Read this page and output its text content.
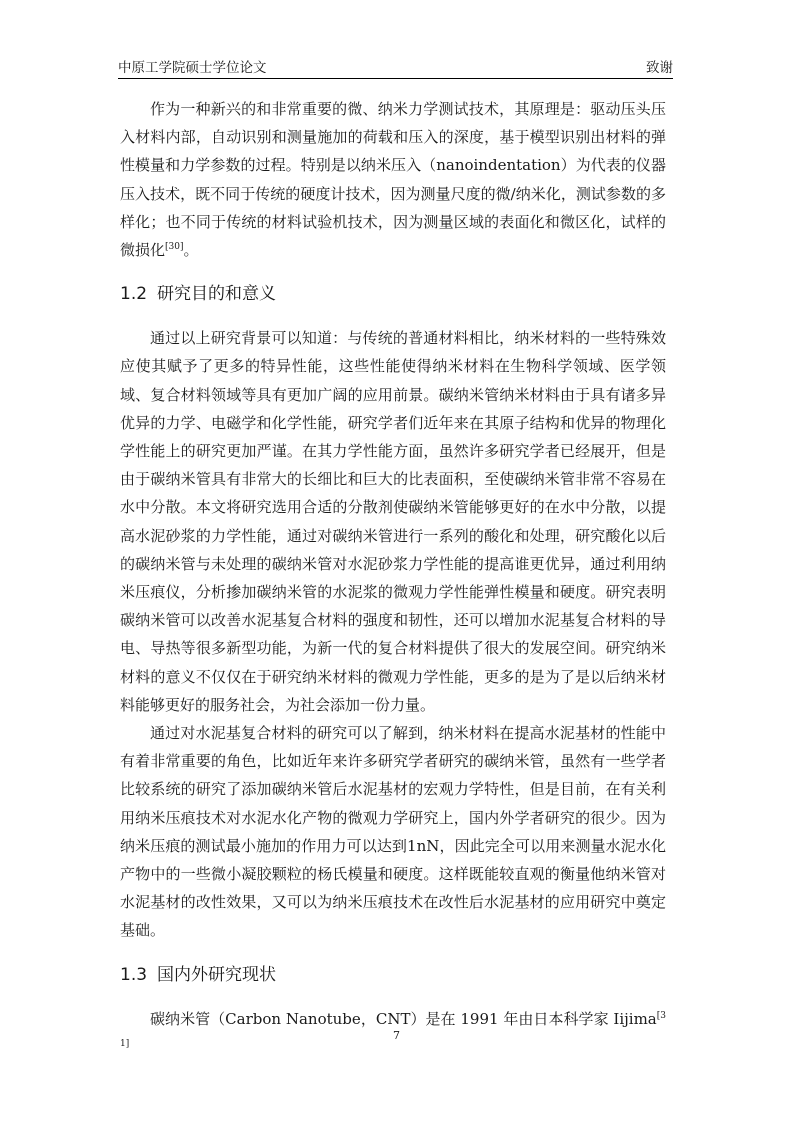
中原工学院硕士学位论文	致谢

作为一种新兴的和非常重要的微、纳米力学测试技术，其原理是：驱动压头压入材料内部，自动识别和测量施加的荷载和压入的深度，基于模型识别出材料的弹性模量和力学参数的过程。特别是以纳米压入（nanoindentation）为代表的仪器压入技术，既不同于传统的硬度计技术，因为测量尺度的微/纳米化，测试参数的多样化；也不同于传统的材料试验机技术，因为测量区域的表面化和微区化，试样的微损化[30]。

1.2 研究目的和意义

通过以上研究背景可以知道：与传统的普通材料相比，纳米材料的一些特殊效应使其赋予了更多的特异性能，这些性能使得纳米材料在生物科学领域、医学领域、复合材料领域等具有更加广阔的应用前景。碳纳米管纳米材料由于具有诸多异优异的力学、电磁学和化学性能，研究学者们近年来在其原子结构和优异的物理化学性能上的研究更加严谨。在其力学性能方面，虽然许多研究学者已经展开，但是由于碳纳米管具有非常大的长细比和巨大的比表面积，至使碳纳米管非常不容易在水中分散。本文将研究选用合适的分散剂使碳纳米管能够更好的在水中分散，以提高水泥砂浆的力学性能，通过对碳纳米管进行一系列的酸化和处理，研究酸化以后的碳纳米管与未处理的碳纳米管对水泥砂浆力学性能的提高谁更优异，通过利用纳米压痕仪，分析掺加碳纳米管的水泥浆的微观力学性能弹性模量和硬度。研究表明碳纳米管可以改善水泥基复合材料的强度和韧性，还可以增加水泥基复合材料的导电、导热等很多新型功能，为新一代的复合材料提供了很大的发展空间。研究纳米材料的意义不仅仅在于研究纳米材料的微观力学性能，更多的是为了是以后纳米材料能够更好的服务社会，为社会添加一份力量。

通过对水泥基复合材料的研究可以了解到，纳米材料在提高水泥基材的性能中有着非常重要的角色，比如近年来许多研究学者研究的碳纳米管，虽然有一些学者比较系统的研究了添加碳纳米管后水泥基材的宏观力学特性，但是目前，在有关利用纳米压痕技术对水泥水化产物的微观力学研究上，国内外学者研究的很少。因为纳米压痕的测试最小施加的作用力可以达到1nN，因此完全可以用来测量水泥水化产物中的一些微小凝胶颗粒的杨氏模量和硬度。这样既能较直观的衡量他纳米管对水泥基材的改性效果，又可以为纳米压痕技术在改性后水泥基材的应用研究中奠定基础。

1.3 国内外研究现状

碳纳米管（Carbon Nanotube，CNT）是在 1991 年由日本科学家 Iijima[31]

7
